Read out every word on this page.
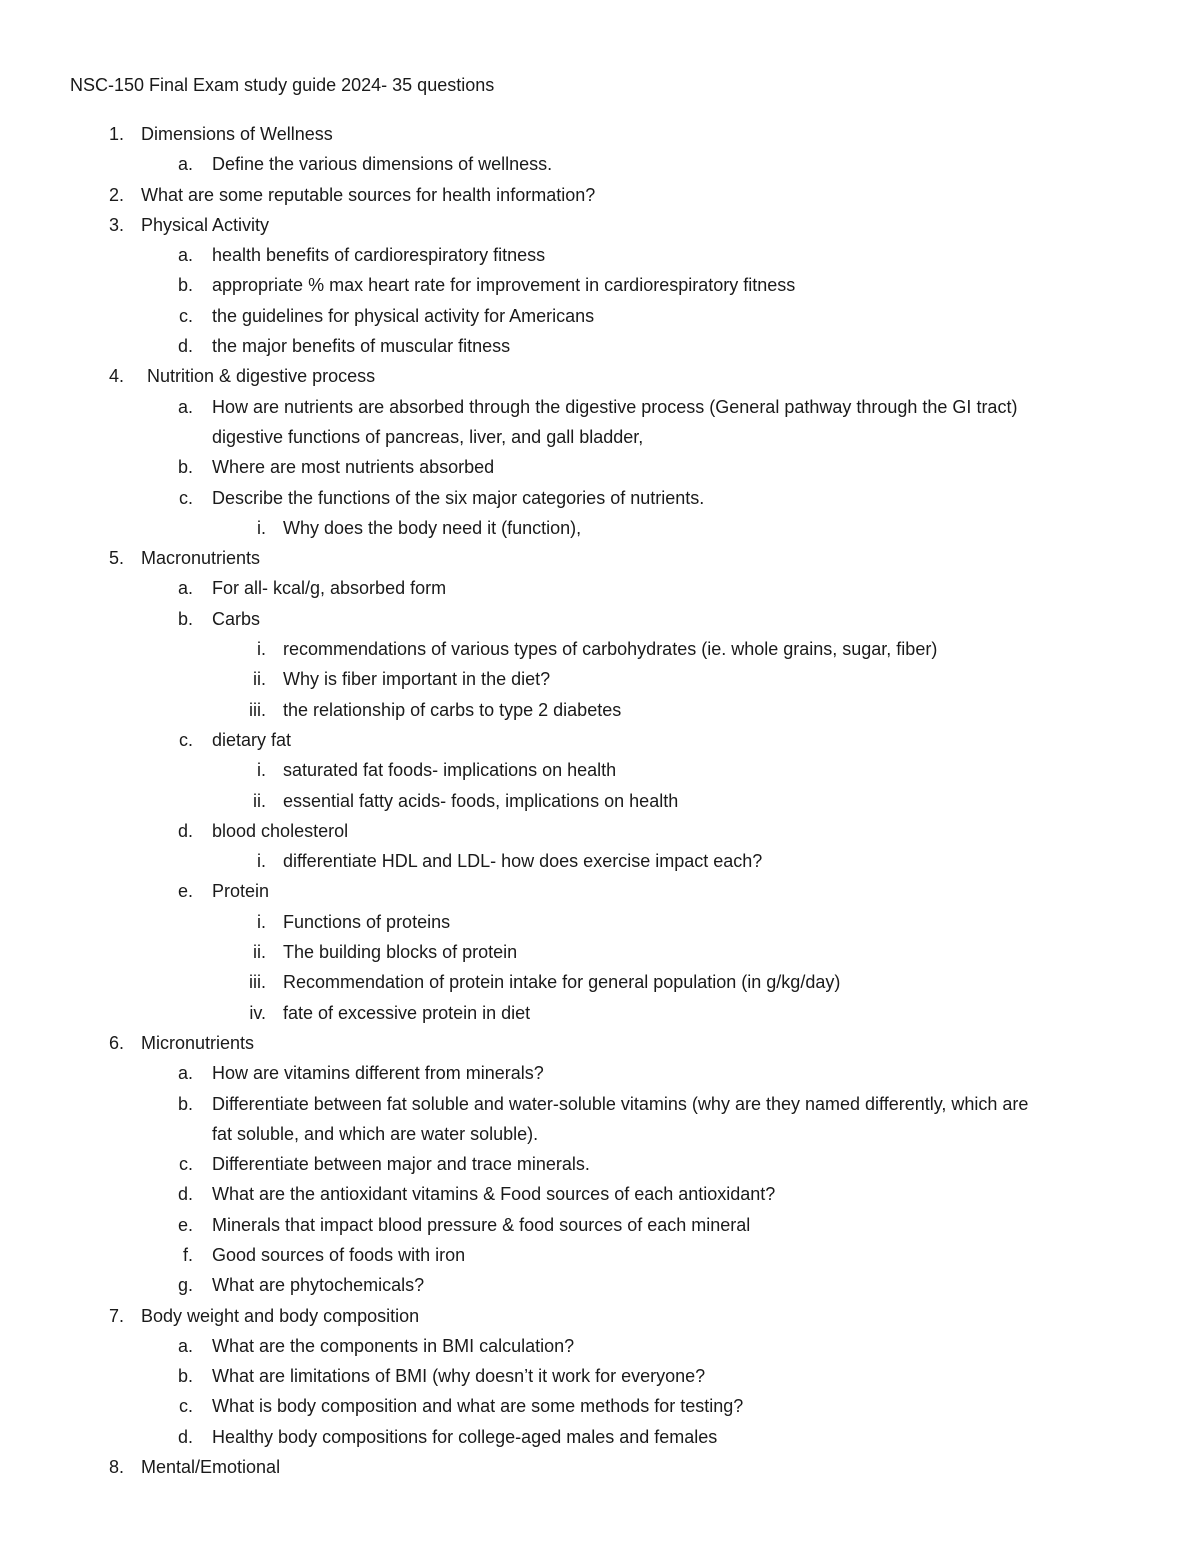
NSC-150 Final Exam study guide 2024- 35 questions
1. Dimensions of Wellness
a. Define the various dimensions of wellness.
2. What are some reputable sources for health information?
3. Physical Activity
a. health benefits of cardiorespiratory fitness
b. appropriate % max heart rate for improvement in cardiorespiratory fitness
c. the guidelines for physical activity for Americans
d. the major benefits of muscular fitness
4. Nutrition & digestive process
a. How are nutrients are absorbed through the digestive process (General pathway through the GI tract)
digestive functions of pancreas, liver, and gall bladder,
b. Where are most nutrients absorbed
c. Describe the functions of the six major categories of nutrients.
i. Why does the body need it (function),
5. Macronutrients
a. For all- kcal/g, absorbed form
b. Carbs
i. recommendations of various types of carbohydrates (ie. whole grains, sugar, fiber)
ii. Why is fiber important in the diet?
iii. the relationship of carbs to type 2 diabetes
c. dietary fat
i. saturated fat foods- implications on health
ii. essential fatty acids- foods, implications on health
d. blood cholesterol
i. differentiate HDL and LDL- how does exercise impact each?
e. Protein
i. Functions of proteins
ii. The building blocks of protein
iii. Recommendation of protein intake for general population (in g/kg/day)
iv. fate of excessive protein in diet
6. Micronutrients
a. How are vitamins different from minerals?
b. Differentiate between fat soluble and water-soluble vitamins (why are they named differently, which are
fat soluble, and which are water soluble).
c. Differentiate between major and trace minerals.
d. What are the antioxidant vitamins & Food sources of each antioxidant?
e. Minerals that impact blood pressure & food sources of each mineral
f. Good sources of foods with iron
g. What are phytochemicals?
7. Body weight and body composition
a. What are the components in BMI calculation?
b. What are limitations of BMI (why doesn’t it work for everyone?
c. What is body composition and what are some methods for testing?
d. Healthy body compositions for college-aged males and females
8. Mental/Emotional
